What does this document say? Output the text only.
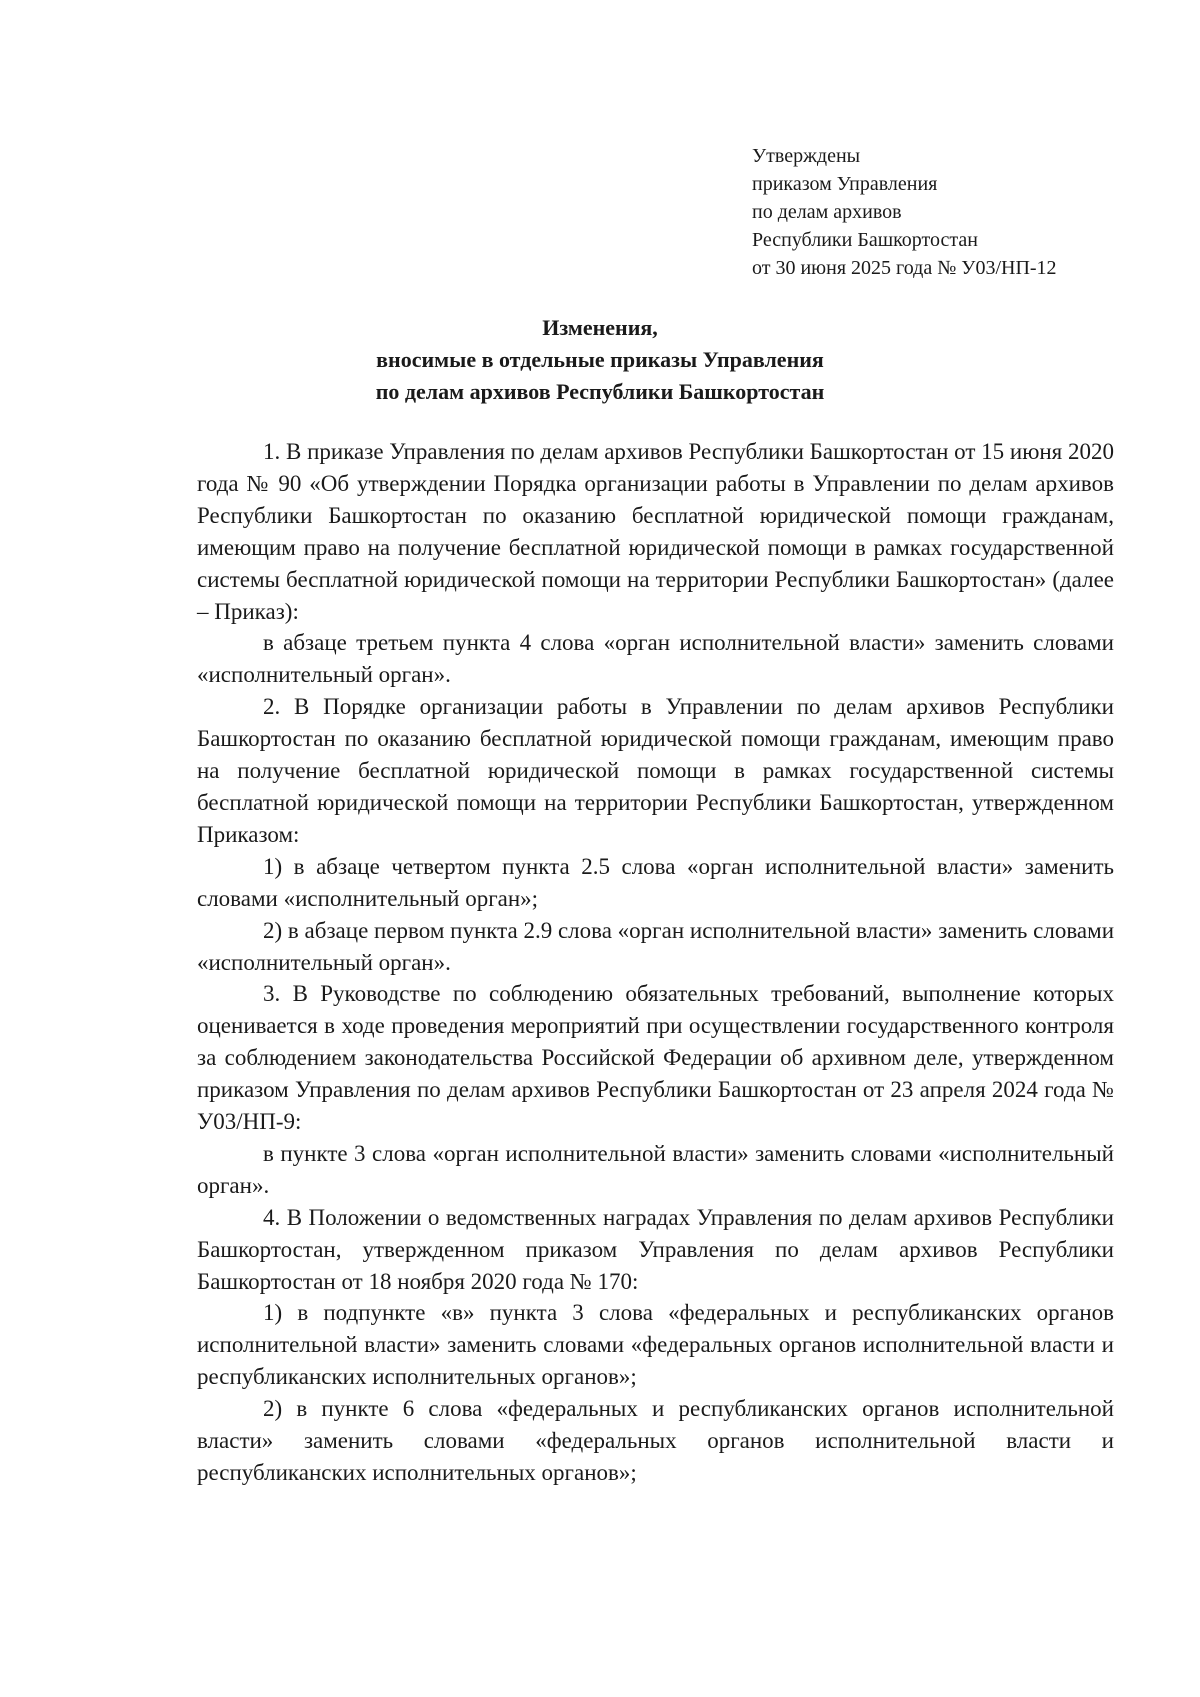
Утверждены
приказом Управления
по делам архивов
Республики Башкортостан
от 30 июня 2025 года № У03/НП-12
Изменения,
вносимые в отдельные приказы Управления
по делам архивов Республики Башкортостан

1. В приказе Управления по делам архивов Республики Башкортостан от 15 июня 2020 года № 90 «Об утверждении Порядка организации работы в Управлении по делам архивов Республики Башкортостан по оказанию бесплатной юридической помощи гражданам, имеющим право на получение бесплатной юридической помощи в рамках государственной системы бесплатной юридической помощи на территории Республики Башкортостан» (далее – Приказ):

в абзаце третьем пункта 4 слова «орган исполнительной власти» заменить словами «исполнительный орган».

2. В Порядке организации работы в Управлении по делам архивов Республики Башкортостан по оказанию бесплатной юридической помощи гражданам, имеющим право на получение бесплатной юридической помощи в рамках государственной системы бесплатной юридической помощи на территории Республики Башкортостан, утвержденном Приказом:

1) в абзаце четвертом пункта 2.5 слова «орган исполнительной власти» заменить словами «исполнительный орган»;

2) в абзаце первом пункта 2.9 слова «орган исполнительной власти» заменить словами «исполнительный орган».

3. В Руководстве по соблюдению обязательных требований, выполнение которых оценивается в ходе проведения мероприятий при осуществлении государственного контроля за соблюдением законодательства Российской Федерации об архивном деле, утвержденном приказом Управления по делам архивов Республики Башкортостан от 23 апреля 2024 года № У03/НП-9:

в пункте 3 слова «орган исполнительной власти» заменить словами «исполнительный орган».

4. В Положении о ведомственных наградах Управления по делам архивов Республики Башкортостан, утвержденном приказом Управления по делам архивов Республики Башкортостан от 18 ноября 2020 года № 170:

1) в подпункте «в» пункта 3 слова «федеральных и республиканских органов исполнительной власти» заменить словами «федеральных органов исполнительной власти и республиканских исполнительных органов»;

2) в пункте 6 слова «федеральных и республиканских органов исполнительной власти» заменить словами «федеральных органов исполнительной власти и республиканских исполнительных органов»;
